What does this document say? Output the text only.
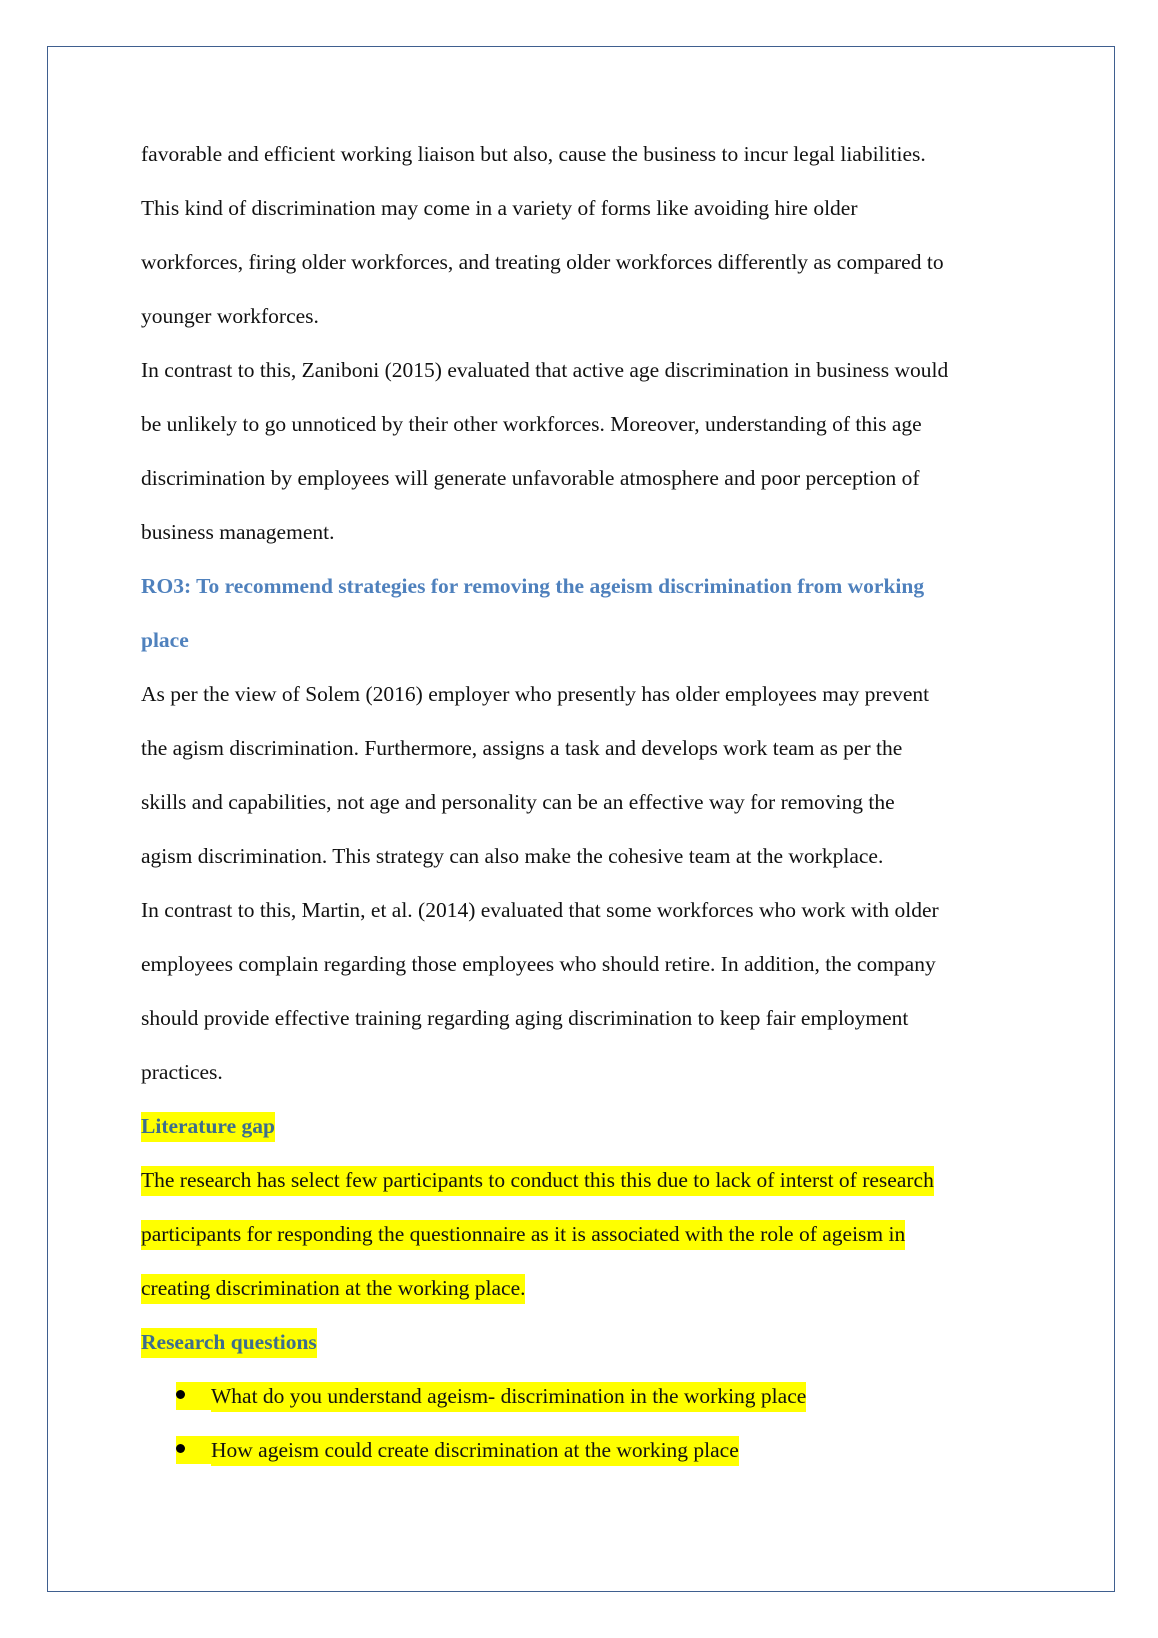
favorable and efficient working liaison but also, cause the business to incur legal liabilities.
This kind of discrimination may come in a variety of forms like avoiding hire older
workforces, firing older workforces, and treating older workforces differently as compared to
younger workforces.
In contrast to this, Zaniboni (2015) evaluated that active age discrimination in business would
be unlikely to go unnoticed by their other workforces. Moreover, understanding of this age
discrimination by employees will generate unfavorable atmosphere and poor perception of
business management.
RO3: To recommend strategies for removing the ageism discrimination from working
place
As per the view of Solem (2016) employer who presently has older employees may prevent
the agism discrimination. Furthermore, assigns a task and develops work team as per the
skills and capabilities, not age and personality can be an effective way for removing the
agism discrimination. This strategy can also make the cohesive team at the workplace.
In contrast to this, Martin, et al. (2014) evaluated that some workforces who work with older
employees complain regarding those employees who should retire. In addition, the company
should provide effective training regarding aging discrimination to keep fair employment
practices.
Literature gap
The research has select few participants to conduct this this due to lack of interst of research
participants for responding the questionnaire as it is associated with the role of ageism in
creating discrimination at the working place.
Research questions
What do you understand ageism- discrimination in the working place
How ageism could create discrimination at the working place
